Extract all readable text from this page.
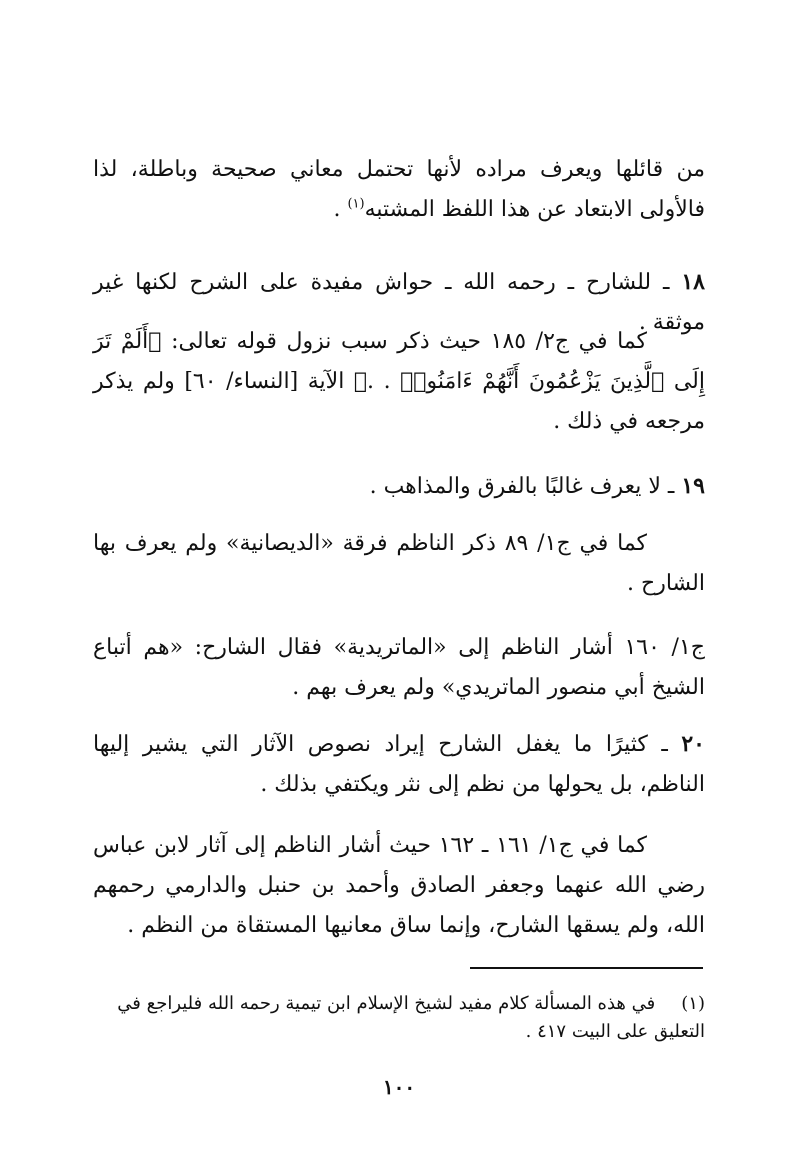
من قائلها ويعرف مراده لأنها تحتمل معاني صحيحة وباطلة، لذا فالأولى الابتعاد عن هذا اللفظ المشتبه$^{(١)}$ .

١٨ ـ للشارح ـ رحمه الله ـ حواش مفيدة على الشرح لكنها غير موثقة .

كما في ج٢/ ١٨٥ حيث ذكر سبب نزول قوله تعالى: ﴿أَلَمْ تَرَ إِلَى ٱلَّذِينَ يَزْعُمُونَ أَنَّهُمْ ءَامَنُوا۟ . .﴾ الآية [النساء/ ٦٠] ولم يذكر مرجعه في ذلك .

١٩ ـ لا يعرف غالبًا بالفرق والمذاهب .

كما في ج١/ ٨٩ ذكر الناظم فرقة «الديصانية» ولم يعرف بها الشارح .

ج١/ ١٦٠ أشار الناظم إلى «الماتريدية» فقال الشارح: «هم أتباع الشيخ أبي منصور الماتريدي» ولم يعرف بهم .

٢٠ ـ كثيرًا ما يغفل الشارح إيراد نصوص الآثار التي يشير إليها الناظم، بل يحولها من نظم إلى نثر ويكتفي بذلك .

كما في ج١/ ١٦١ ـ ١٦٢ حيث أشار الناظم إلى آثار لابن عباس رضي الله عنهما وجعفر الصادق وأحمد بن حنبل والدارمي رحمهم الله، ولم يسقها الشارح، وإنما ساق معانيها المستقاة من النظم .

(١) في هذه المسألة كلام مفيد لشيخ الإسلام ابن تيمية رحمه الله فليراجع في التعليق على البيت ٤١٧ .

١٠٠
